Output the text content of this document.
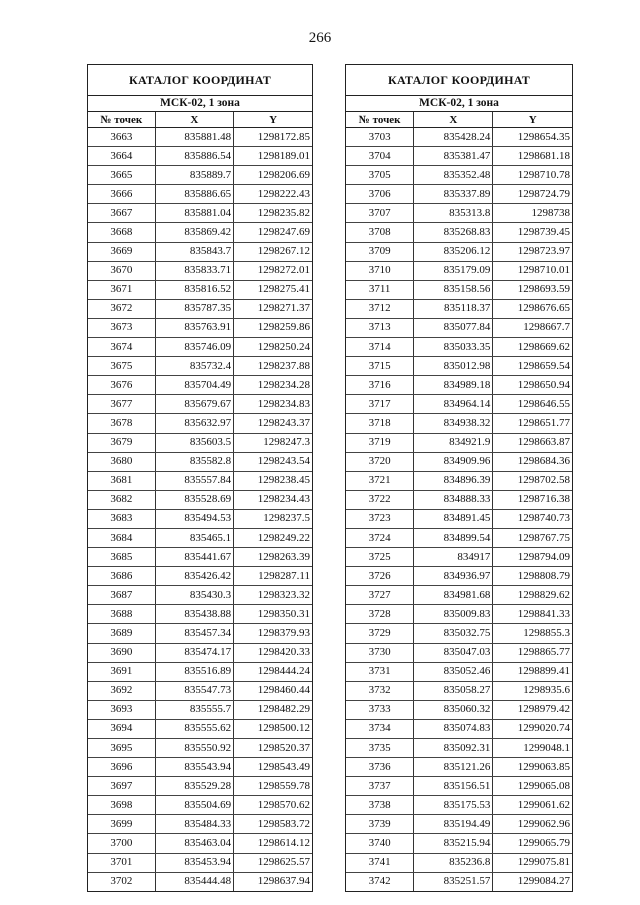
266
КАТАЛОГ КООРДИНАТ
МСК-02, 1 зона
№ точек	X	Y
3663	835881.48	1298172.85
3664	835886.54	1298189.01
3665	835889.7	1298206.69
3666	835886.65	1298222.43
3667	835881.04	1298235.82
3668	835869.42	1298247.69
3669	835843.7	1298267.12
3670	835833.71	1298272.01
3671	835816.52	1298275.41
3672	835787.35	1298271.37
3673	835763.91	1298259.86
3674	835746.09	1298250.24
3675	835732.4	1298237.88
3676	835704.49	1298234.28
3677	835679.67	1298234.83
3678	835632.97	1298243.37
3679	835603.5	1298247.3
3680	835582.8	1298243.54
3681	835557.84	1298238.45
3682	835528.69	1298234.43
3683	835494.53	1298237.5
3684	835465.1	1298249.22
3685	835441.67	1298263.39
3686	835426.42	1298287.11
3687	835430.3	1298323.32
3688	835438.88	1298350.31
3689	835457.34	1298379.93
3690	835474.17	1298420.33
3691	835516.89	1298444.24
3692	835547.73	1298460.44
3693	835555.7	1298482.29
3694	835555.62	1298500.12
3695	835550.92	1298520.37
3696	835543.94	1298543.49
3697	835529.28	1298559.78
3698	835504.69	1298570.62
3699	835484.33	1298583.72
3700	835463.04	1298614.12
3701	835453.94	1298625.57
3702	835444.48	1298637.94
КАТАЛОГ КООРДИНАТ
МСК-02, 1 зона
№ точек	X	Y
3703	835428.24	1298654.35
3704	835381.47	1298681.18
3705	835352.48	1298710.78
3706	835337.89	1298724.79
3707	835313.8	1298738
3708	835268.83	1298739.45
3709	835206.12	1298723.97
3710	835179.09	1298710.01
3711	835158.56	1298693.59
3712	835118.37	1298676.65
3713	835077.84	1298667.7
3714	835033.35	1298669.62
3715	835012.98	1298659.54
3716	834989.18	1298650.94
3717	834964.14	1298646.55
3718	834938.32	1298651.77
3719	834921.9	1298663.87
3720	834909.96	1298684.36
3721	834896.39	1298702.58
3722	834888.33	1298716.38
3723	834891.45	1298740.73
3724	834899.54	1298767.75
3725	834917	1298794.09
3726	834936.97	1298808.79
3727	834981.68	1298829.62
3728	835009.83	1298841.33
3729	835032.75	1298855.3
3730	835047.03	1298865.77
3731	835052.46	1298899.41
3732	835058.27	1298935.6
3733	835060.32	1298979.42
3734	835074.83	1299020.74
3735	835092.31	1299048.1
3736	835121.26	1299063.85
3737	835156.51	1299065.08
3738	835175.53	1299061.62
3739	835194.49	1299062.96
3740	835215.94	1299065.79
3741	835236.8	1299075.81
3742	835251.57	1299084.27
